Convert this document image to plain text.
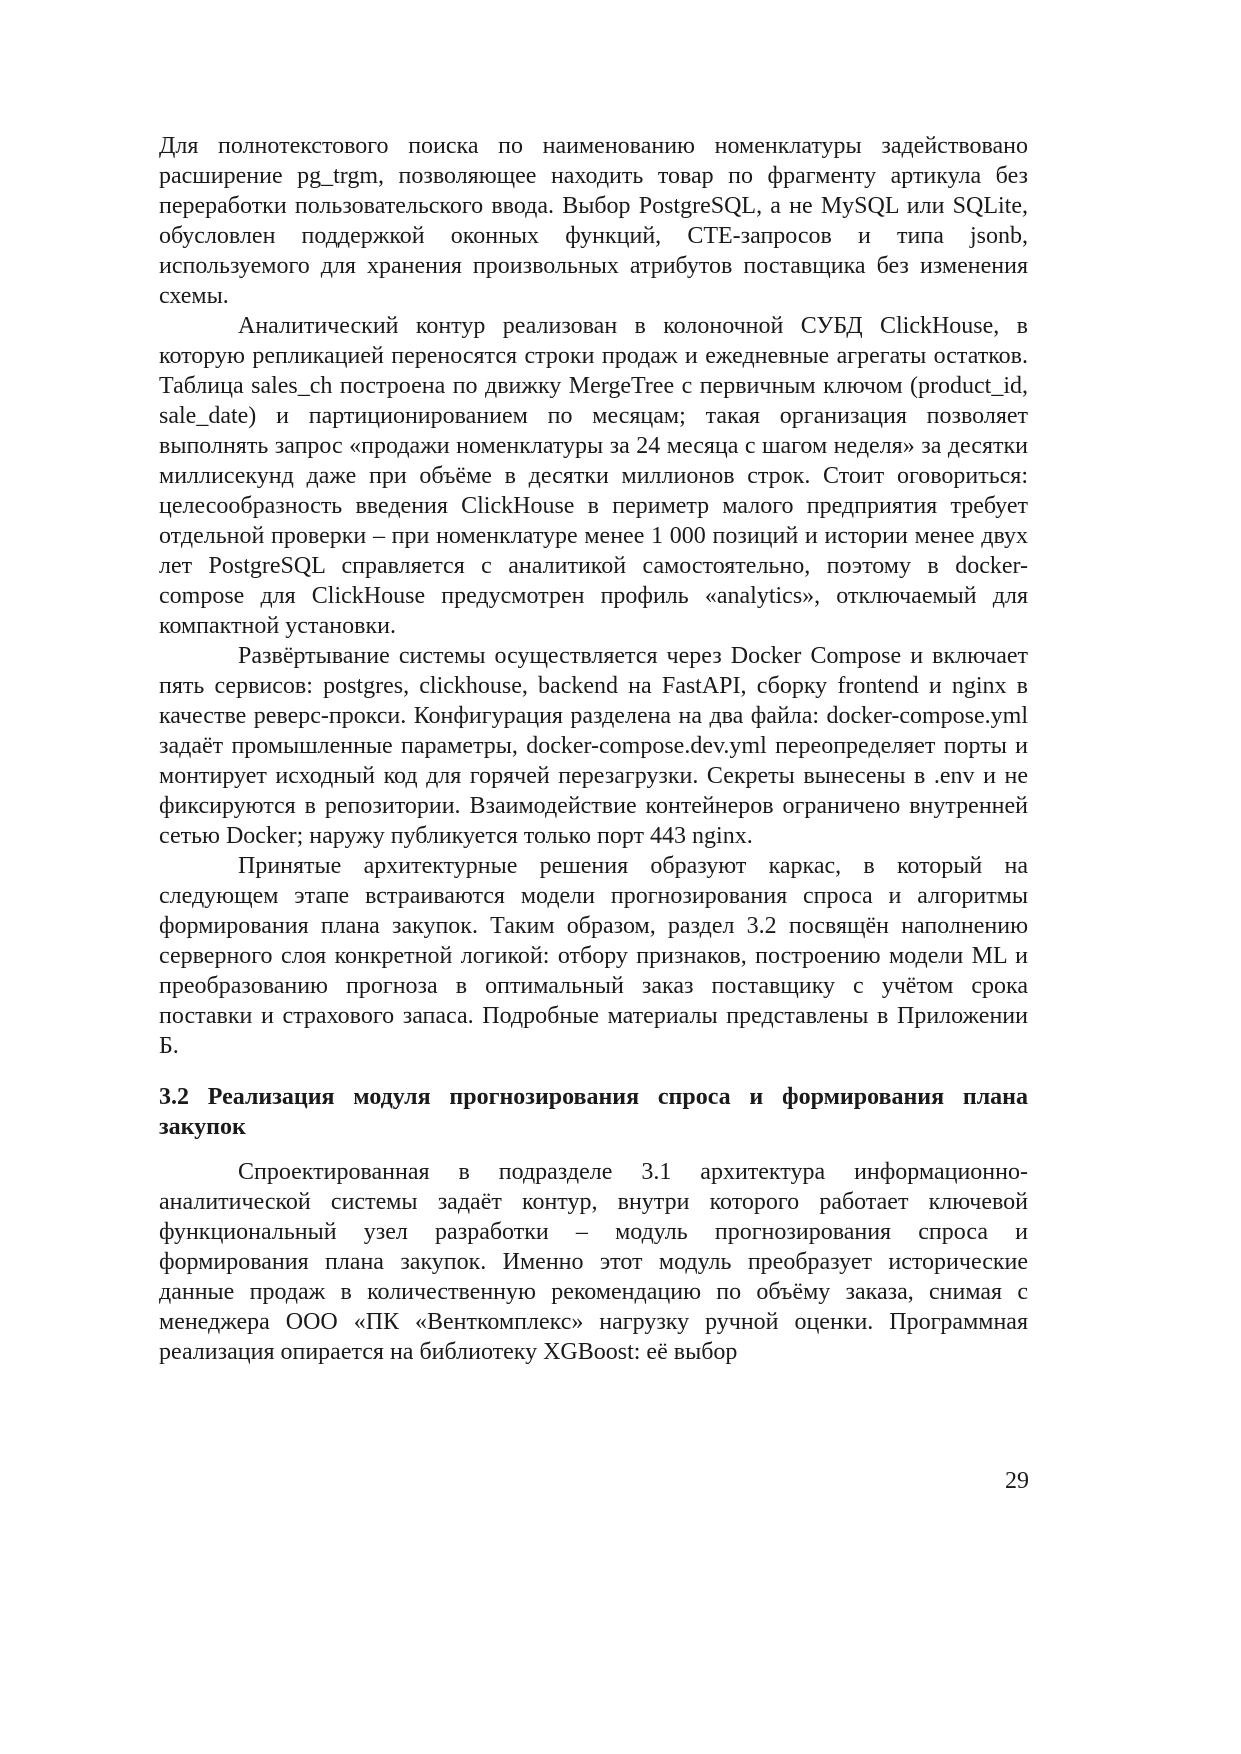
Для полнотекстового поиска по наименованию номенклатуры задействовано расширение pg_trgm, позволяющее находить товар по фрагменту артикула без переработки пользовательского ввода. Выбор PostgreSQL, а не MySQL или SQLite, обусловлен поддержкой оконных функций, CTE-запросов и типа jsonb, используемого для хранения произвольных атрибутов поставщика без изменения схемы.

Аналитический контур реализован в колоночной СУБД ClickHouse, в которую репликацией переносятся строки продаж и ежедневные агрегаты остатков. Таблица sales_ch построена по движку MergeTree с первичным ключом (product_id, sale_date) и партиционированием по месяцам; такая организация позволяет выполнять запрос «продажи номенклатуры за 24 месяца с шагом неделя» за десятки миллисекунд даже при объёме в десятки миллионов строк. Стоит оговориться: целесообразность введения ClickHouse в периметр малого предприятия требует отдельной проверки – при номенклатуре менее 1 000 позиций и истории менее двух лет PostgreSQL справляется с аналитикой самостоятельно, поэтому в docker-compose для ClickHouse предусмотрен профиль «analytics», отключаемый для компактной установки.

Развёртывание системы осуществляется через Docker Compose и включает пять сервисов: postgres, clickhouse, backend на FastAPI, сборку frontend и nginx в качестве реверс-прокси. Конфигурация разделена на два файла: docker-compose.yml задаёт промышленные параметры, docker-compose.dev.yml переопределяет порты и монтирует исходный код для горячей перезагрузки. Секреты вынесены в .env и не фиксируются в репозитории. Взаимодействие контейнеров ограничено внутренней сетью Docker; наружу публикуется только порт 443 nginx.

Принятые архитектурные решения образуют каркас, в который на следующем этапе встраиваются модели прогнозирования спроса и алгоритмы формирования плана закупок. Таким образом, раздел 3.2 посвящён наполнению серверного слоя конкретной логикой: отбору признаков, построению модели ML и преобразованию прогноза в оптимальный заказ поставщику с учётом срока поставки и страхового запаса. Подробные материалы представлены в Приложении Б.

3.2 Реализация модуля прогнозирования спроса и формирования плана закупок

Спроектированная в подразделе 3.1 архитектура информационно-аналитической системы задаёт контур, внутри которого работает ключевой функциональный узел разработки – модуль прогнозирования спроса и формирования плана закупок. Именно этот модуль преобразует исторические данные продаж в количественную рекомендацию по объёму заказа, снимая с менеджера ООО «ПК «Венткомплекс» нагрузку ручной оценки. Программная реализация опирается на библиотеку XGBoost: её выбор

29
